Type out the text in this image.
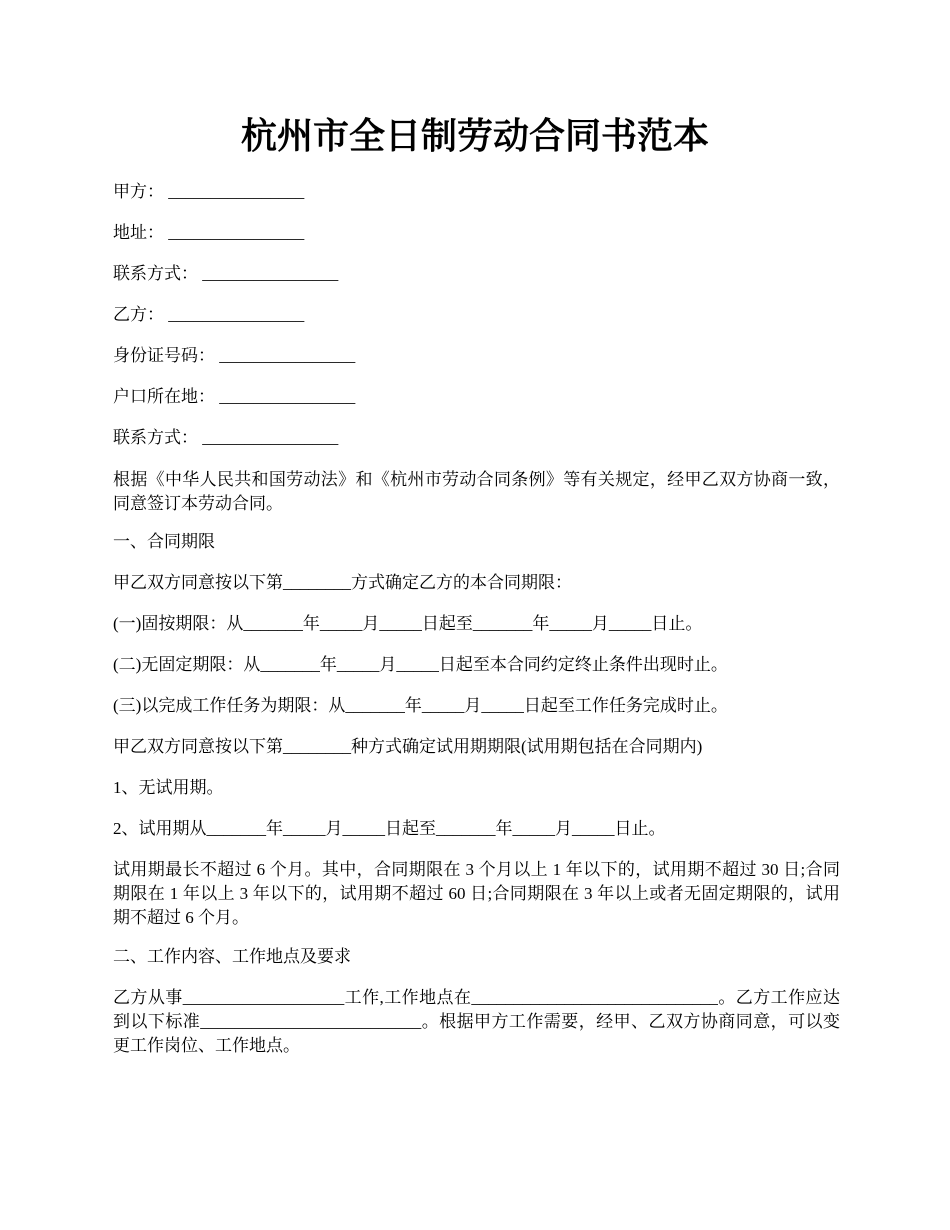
杭州市全日制劳动合同书范本

甲方： ________________

地址： ________________

联系方式： ________________

乙方： ________________

身份证号码： ________________

户口所在地： ________________

联系方式： ________________

根据《中华人民共和国劳动法》和《杭州市劳动合同条例》等有关规定，经甲乙双方协商一致，同意签订本劳动合同。

一、合同期限

甲乙双方同意按以下第________方式确定乙方的本合同期限：

(一)固按期限：从_______年_____月_____日起至_______年_____月_____日止。

(二)无固定期限：从_______年_____月_____日起至本合同约定终止条件出现时止。

(三)以完成工作任务为期限：从_______年_____月_____日起至工作任务完成时止。

甲乙双方同意按以下第________种方式确定试用期期限(试用期包括在合同期内)

1、无试用期。

2、试用期从_______年_____月_____日起至_______年_____月_____日止。

试用期最长不超过 6 个月。其中，合同期限在 3 个月以上 1 年以下的，试用期不超过 30 日;合同期限在 1 年以上 3 年以下的，试用期不超过 60 日;合同期限在 3 年以上或者无固定期限的，试用期不超过 6 个月。

二、工作内容、工作地点及要求

乙方从事___________________工作,工作地点在_____________________________。乙方工作应达到以下标准__________________________。根据甲方工作需要，经甲、乙双方协商同意，可以变更工作岗位、工作地点。
